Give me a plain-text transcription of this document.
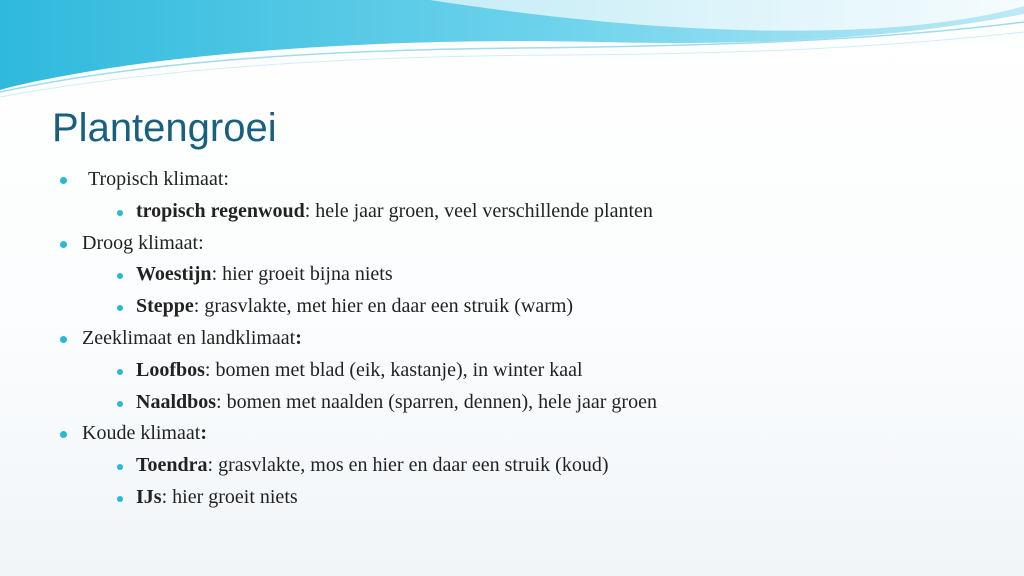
Plantengroei
Tropisch klimaat:
tropisch regenwoud: hele jaar groen, veel verschillende planten
Droog klimaat:
Woestijn: hier groeit bijna niets
Steppe: grasvlakte, met hier en daar een struik (warm)
Zeeklimaat en landklimaat:
Loofbos: bomen met blad (eik, kastanje), in winter kaal
Naaldbos: bomen met naalden (sparren, dennen), hele jaar groen
Koude klimaat:
Toendra: grasvlakte, mos en hier en daar een struik (koud)
IJs: hier groeit niets
